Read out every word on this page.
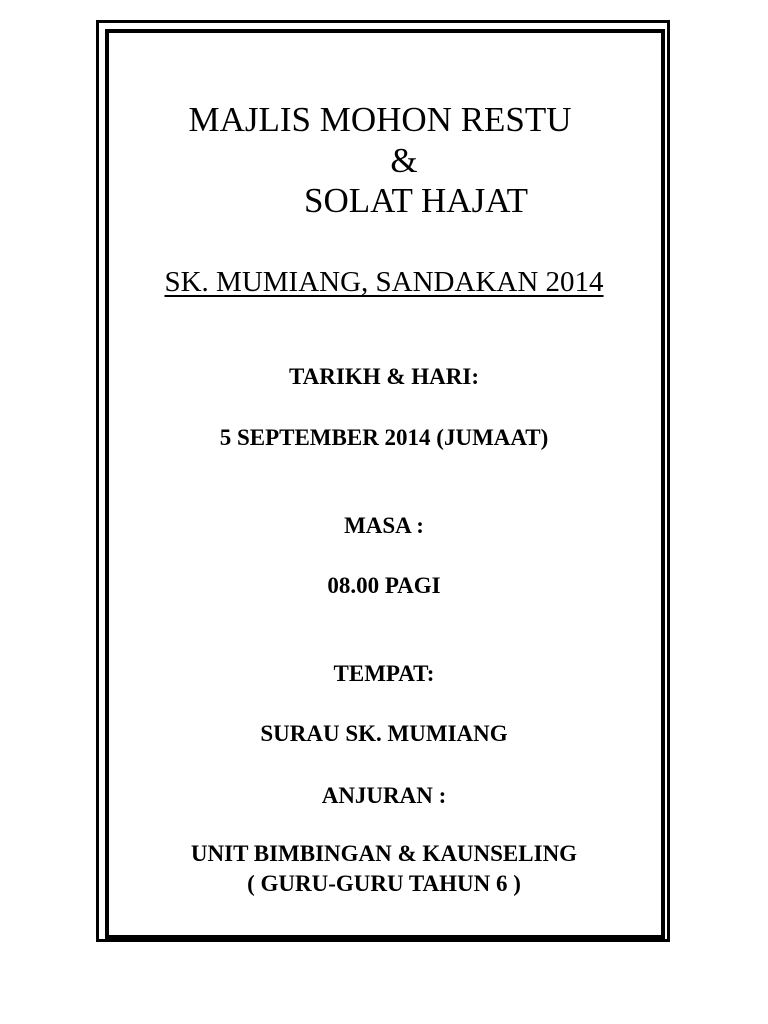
MAJLIS MOHON RESTU
&
SOLAT HAJAT
SK. MUMIANG, SANDAKAN 2014
TARIKH & HARI:
5 SEPTEMBER 2014 (JUMAAT)
MASA :
08.00 PAGI
TEMPAT:
SURAU SK. MUMIANG
ANJURAN :
UNIT BIMBINGAN & KAUNSELING
( GURU-GURU TAHUN 6 )
